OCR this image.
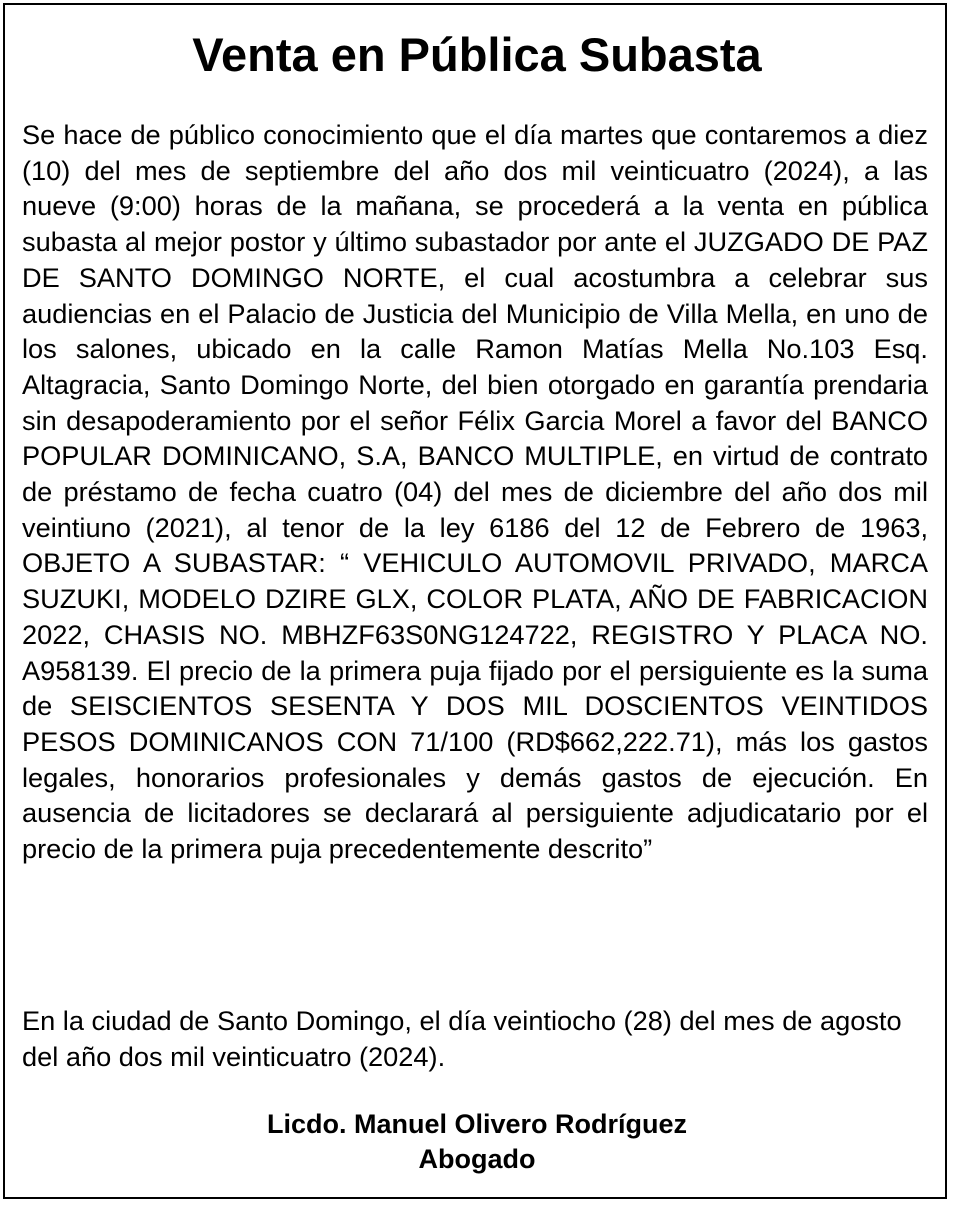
Venta en Pública Subasta

Se hace de público conocimiento que el día martes que contaremos a diez (10) del mes de septiembre del año dos mil veinticuatro (2024), a las nueve (9:00) horas de la mañana, se procederá a la venta en pública subasta al mejor postor y último subastador por ante el JUZGADO DE PAZ DE SANTO DOMINGO NORTE, el cual acostumbra a celebrar sus audiencias en el Palacio de Justicia del Municipio de Villa Mella, en uno de los salones, ubicado en la calle Ramon Matías Mella No.103 Esq. Altagracia, Santo Domingo Norte, del bien otorgado en garantía prendaria sin desapoderamiento por el señor Félix Garcia Morel a favor del BANCO POPULAR DOMINICANO, S.A, BANCO MULTIPLE, en virtud de contrato de préstamo de fecha cuatro (04) del mes de diciembre del año dos mil veintiuno (2021), al tenor de la ley 6186 del 12 de Febrero de 1963, OBJETO A SUBASTAR: “ VEHICULO AUTOMOVIL PRIVADO, MARCA SUZUKI, MODELO DZIRE GLX, COLOR PLATA, AÑO DE FABRICACION 2022, CHASIS NO. MBHZF63S0NG124722, REGISTRO Y PLACA NO. A958139. El precio de la primera puja fijado por el persiguiente es la suma de SEISCIENTOS SESENTA Y DOS MIL DOSCIENTOS VEINTIDOS PESOS DOMINICANOS CON 71/100 (RD$662,222.71), más los gastos legales, honorarios profesionales y demás gastos de ejecución. En ausencia de licitadores se declarará al persiguiente adjudicatario por el precio de la primera puja precedentemente descrito”

En la ciudad de Santo Domingo, el día veintiocho (28) del mes de agosto del año dos mil veinticuatro (2024).

Licdo. Manuel Olivero Rodríguez
Abogado
